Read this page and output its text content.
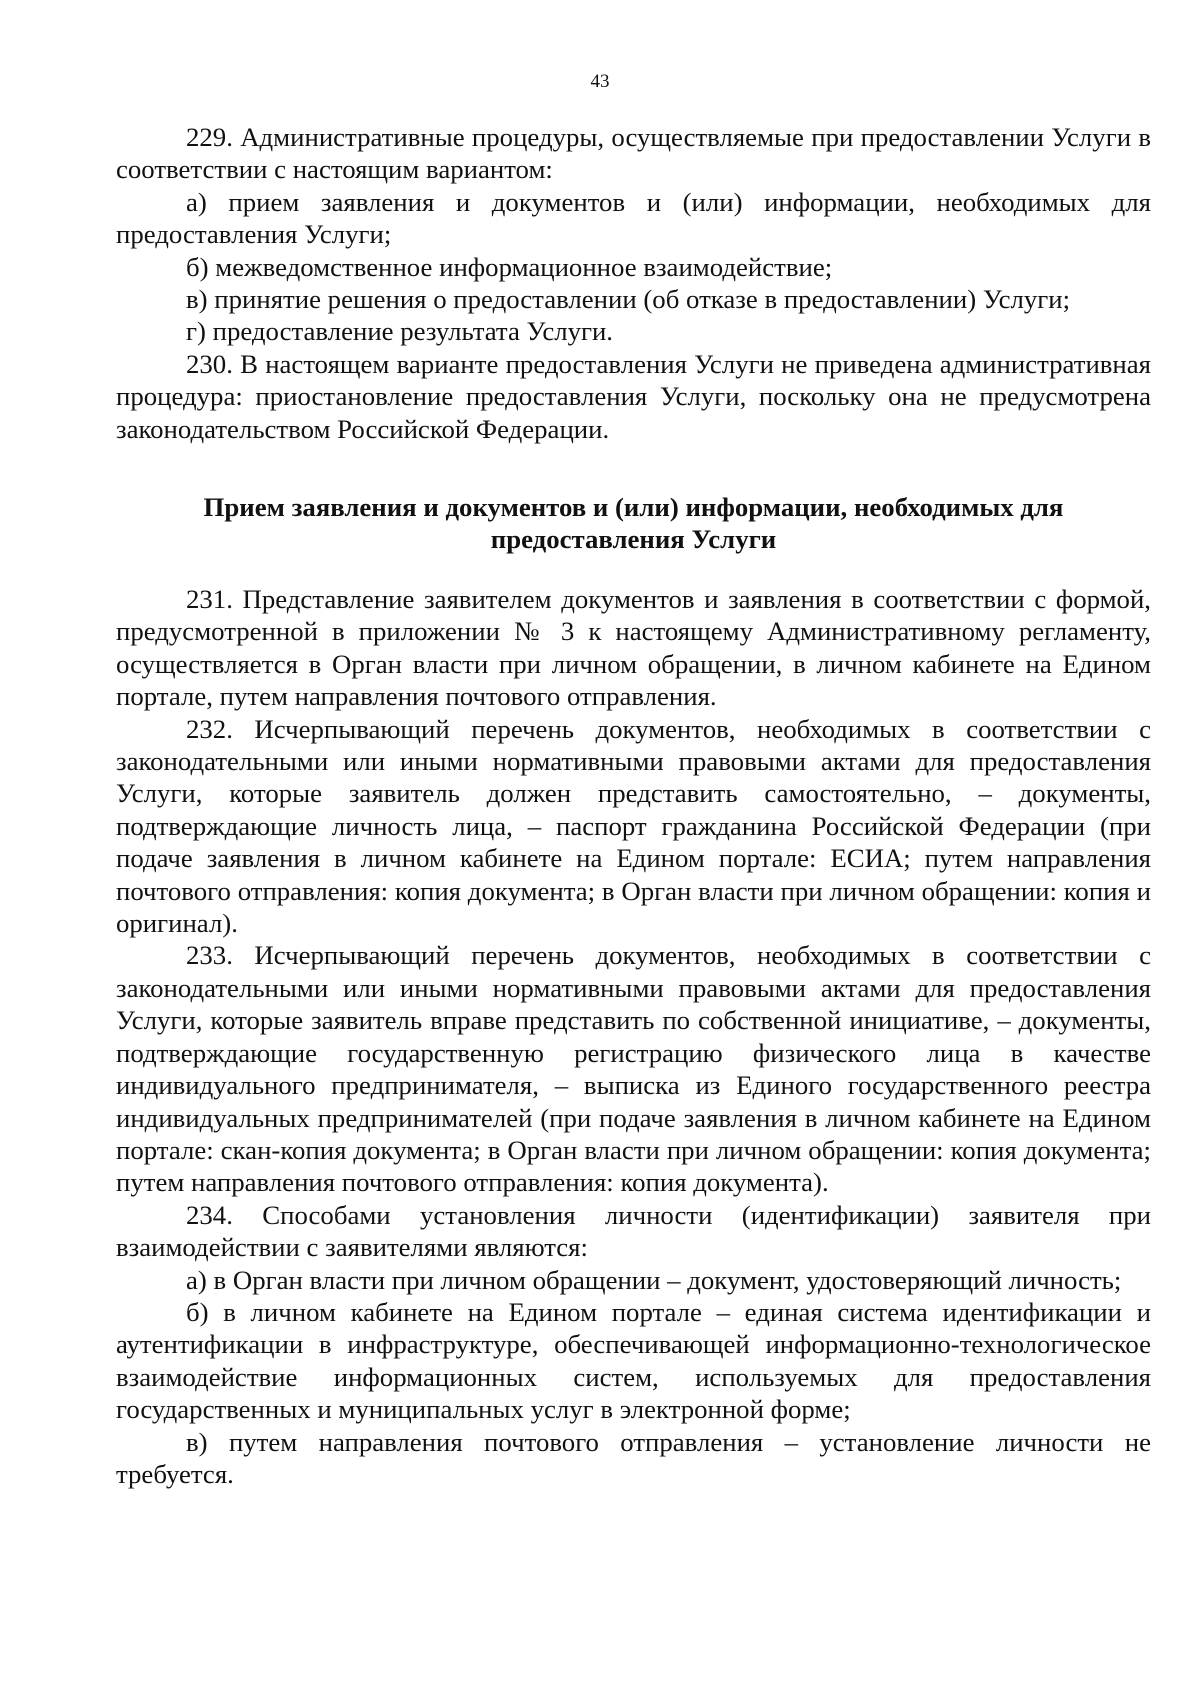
43

229. Административные процедуры, осуществляемые при предоставлении Услуги в соответствии с настоящим вариантом:

а) прием заявления и документов и (или) информации, необходимых для предоставления Услуги;

б) межведомственное информационное взаимодействие;

в) принятие решения о предоставлении (об отказе в предоставлении) Услуги;

г) предоставление результата Услуги.

230. В настоящем варианте предоставления Услуги не приведена административная процедура: приостановление предоставления Услуги, поскольку она не предусмотрена законодательством Российской Федерации.

Прием заявления и документов и (или) информации, необходимых для
предоставления Услуги

231. Представление заявителем документов и заявления в соответствии с формой, предусмотренной в приложении № 3 к настоящему Административному регламенту, осуществляется в Орган власти при личном обращении, в личном кабинете на Едином портале, путем направления почтового отправления.

232. Исчерпывающий перечень документов, необходимых в соответствии с законодательными или иными нормативными правовыми актами для предоставления Услуги, которые заявитель должен представить самостоятельно, – документы, подтверждающие личность лица, – паспорт гражданина Российской Федерации (при подаче заявления в личном кабинете на Едином портале: ЕСИА; путем направления почтового отправления: копия документа; в Орган власти при личном обращении: копия и оригинал).

233. Исчерпывающий перечень документов, необходимых в соответствии с законодательными или иными нормативными правовыми актами для предоставления Услуги, которые заявитель вправе представить по собственной инициативе, – документы, подтверждающие государственную регистрацию физического лица в качестве индивидуального предпринимателя, – выписка из Единого государственного реестра индивидуальных предпринимателей (при подаче заявления в личном кабинете на Едином портале: скан-копия документа; в Орган власти при личном обращении: копия документа; путем направления почтового отправления: копия документа).

234. Способами установления личности (идентификации) заявителя при взаимодействии с заявителями являются:

а) в Орган власти при личном обращении – документ, удостоверяющий личность;

б) в личном кабинете на Едином портале – единая система идентификации и аутентификации в инфраструктуре, обеспечивающей информационно-технологическое взаимодействие информационных систем, используемых для предоставления государственных и муниципальных услуг в электронной форме;

в) путем направления почтового отправления – установление личности не требуется.
